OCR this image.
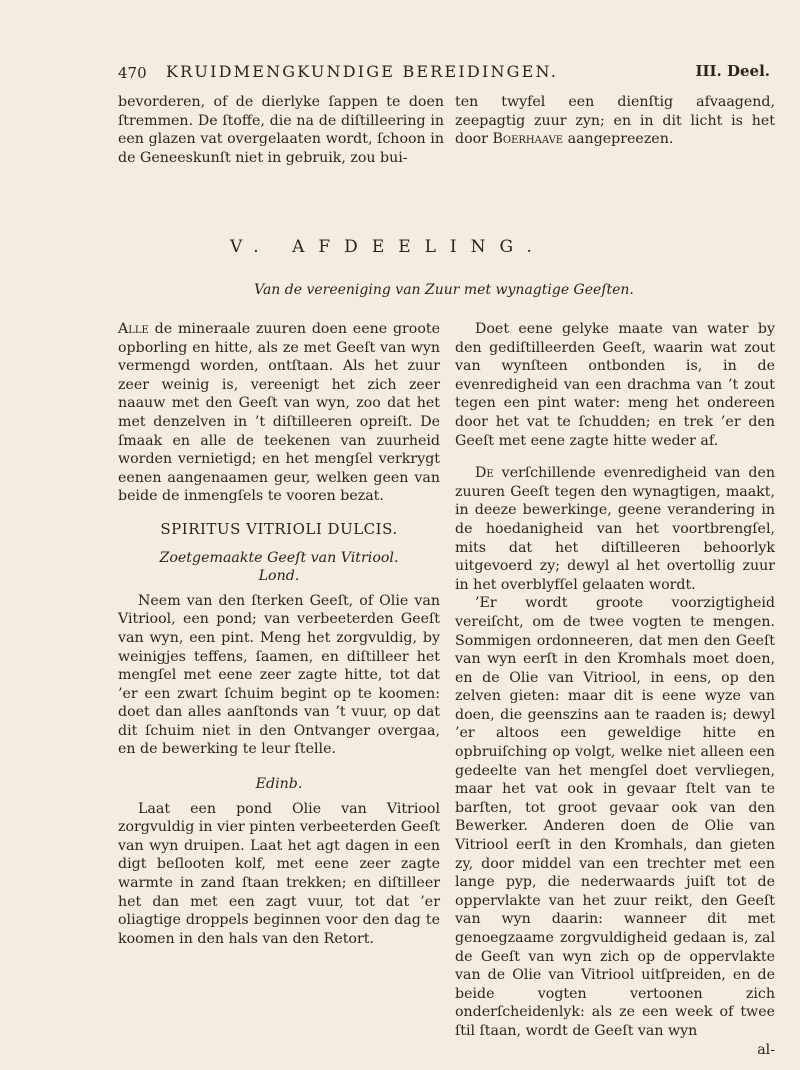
470 KRUIDMENGKUNDIGE BEREIDINGEN.	III. Deel.

bevorderen, of de dierlyke ſappen te doen ſtremmen. De ſtoffe, die na de diſtilleering in een glazen vat overgelaaten wordt, ſchoon in de Geneeskunſt niet in gebruik, zou bui-

ten twyfel een dienſtig afvaagend, zeepagtig zuur zyn; en in dit licht is het door Boerhaave aangepreezen.

V. AFDEELING.
Van de vereeniging van Zuur met wynagtige Geeſten.

Alle de mineraale zuuren doen eene groote opborling en hitte, als ze met Geeſt van wyn vermengd worden, ontſtaan. Als het zuur zeer weinig is, vereenigt het zich zeer naauw met den Geeſt van wyn, zoo dat het met denzelven in ’t diſtilleeren opreiſt. De ſmaak en alle de teekenen van zuurheid worden vernietigd; en het mengſel verkrygt eenen aangenaamen geur, welken geen van beide de inmengſels te vooren bezat.

SPIRITUS VITRIOLI DULCIS.

Zoetgemaakte Geeſt van Vitriool.
Lond.

Neem van den ſterken Geeſt, of Olie van Vitriool, een pond; van verbeeterden Geeſt van wyn, een pint. Meng het zorgvuldig, by weinigjes teffens, ſaamen, en diſtilleer het mengſel met eene zeer zagte hitte, tot dat ’er een zwart ſchuim begint op te koomen: doet dan alles aanſtonds van ’t vuur, op dat dit ſchuim niet in den Ontvanger overgaa, en de bewerking te leur ſtelle.

Edinb.

Laat een pond Olie van Vitriool zorgvuldig in vier pinten verbeeterden Geeſt van wyn druipen. Laat het agt dagen in een digt beſlooten kolf, met eene zeer zagte warmte in zand ſtaan trekken; en diſtilleer het dan met een zagt vuur, tot dat ’er oliagtige droppels beginnen voor den dag te koomen in den hals van den Retort.

Doet eene gelyke maate van water by den gediſtilleerden Geeſt, waarin wat zout van wynſteen ontbonden is, in de evenredigheid van een drachma van ’t zout tegen een pint water: meng het ondereen door het vat te ſchudden; en trek ’er den Geeſt met eene zagte hitte weder af.

De verſchillende evenredigheid van den zuuren Geeſt tegen den wynagtigen, maakt, in deeze bewerkinge, geene verandering in de hoedanigheid van het voortbrengſel, mits dat het diſtilleeren behoorlyk uitgevoerd zy; dewyl al het overtollig zuur in het overblyfſel gelaaten wordt.

’Er wordt groote voorzigtigheid vereiſcht, om de twee vogten te mengen. Sommigen ordonneeren, dat men den Geeſt van wyn eerſt in den Kromhals moet doen, en de Olie van Vitriool, in eens, op den zelven gieten: maar dit is eene wyze van doen, die geenszins aan te raaden is; dewyl ’er altoos een geweldige hitte en opbruiſching op volgt, welke niet alleen een gedeelte van het mengſel doet vervliegen, maar het vat ook in gevaar ſtelt van te barſten, tot groot gevaar ook van den Bewerker. Anderen doen de Olie van Vitriool eerſt in den Kromhals, dan gieten zy, door middel van een trechter met een lange pyp, die nederwaards juiſt tot de oppervlakte van het zuur reikt, den Geeſt van wyn daarin: wanneer dit met genoegzaame zorgvuldigheid gedaan is, zal de Geeſt van wyn zich op de oppervlakte van de Olie van Vitriool uitſpreiden, en de beide vogten vertoonen zich onderſcheidenlyk: als ze een week of twee ſtil ſtaan, wordt de Geeſt van wyn

al-
